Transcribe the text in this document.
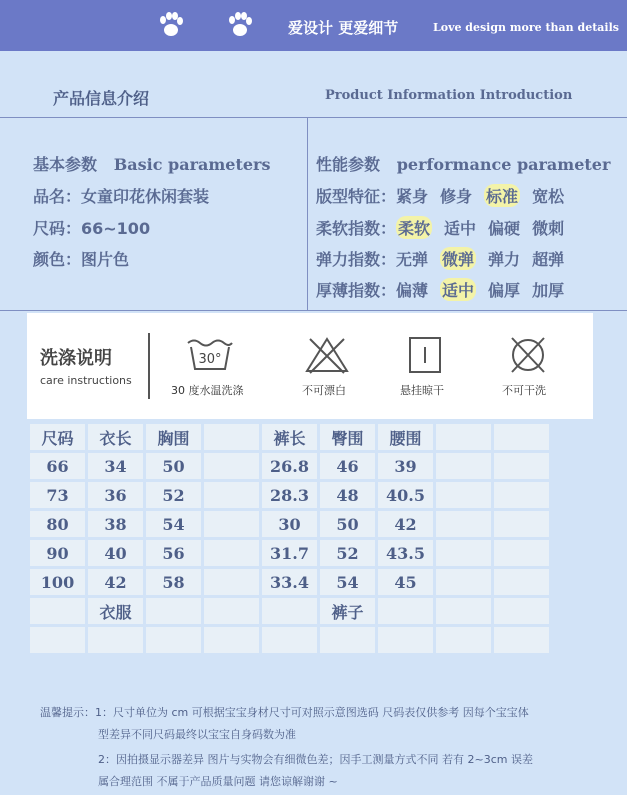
爱设计 更爱细节	Love design more than details
产品信息介绍	Product Information Introduction
基本参数 Basic parameters
品名：女童印花休闲套装
尺码：66~100
颜色：图片色
性能参数 performance parameter
版型特征：紧身 修身 标准 宽松
柔软指数： 柔软 适中 偏硬 微刺
弹力指数：无弹 微弹 弹力 超弹
厚薄指数：偏薄 适中 偏厚 加厚
洗涤说明
care instructions
30°
30 度水温洗涤	不可漂白	悬挂晾干	不可干洗
尺码	衣长	胸围		裤长	臀围	腰围		
66	34	50		26.8	46	39		
73	36	52		28.3	48	40.5		
80	38	54		30	50	42		
90	40	56		31.7	52	43.5		
100	42	58		33.4	54	45		
	衣服				裤子			

温馨提示：1：尺寸单位为 cm 可根据宝宝身材尺寸可对照示意图选码 尺码表仅供参考 因每个宝宝体
型差异不同尺码最终以宝宝自身码数为准
2：因拍摄显示器差异 图片与实物会有细微色差；因手工测量方式不同 若有 2~3cm 误差
属合理范围 不属于产品质量问题 请您谅解谢谢 ~
